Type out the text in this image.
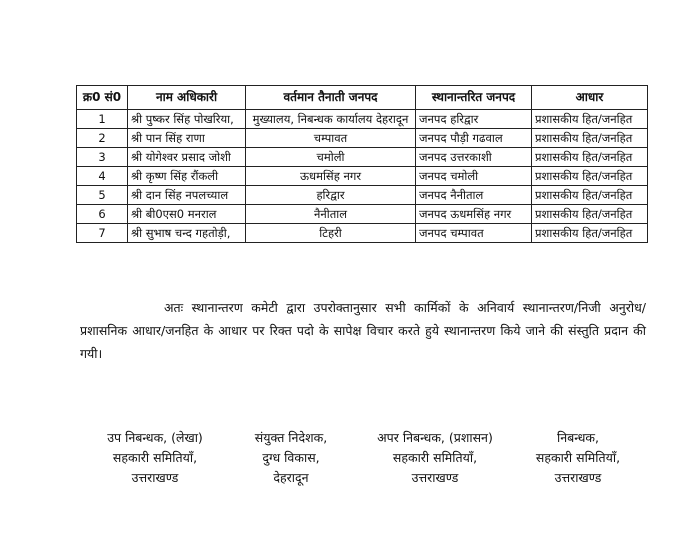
क्र0 सं0	नाम अधिकारी	वर्तमान तैनाती जनपद	स्थानान्तरित जनपद	आधार
1	श्री पुष्कर सिंह पोखरिया,	मुख्यालय, निबन्धक कार्यालय देहरादून	जनपद हरिद्वार	प्रशासकीय हित/जनहित
2	श्री पान सिंह राणा	चम्पावत	जनपद पौड़ी गढवाल	प्रशासकीय हित/जनहित
3	श्री योगेश्वर प्रसाद जोशी	चमोली	जनपद उत्तरकाशी	प्रशासकीय हित/जनहित
4	श्री कृष्ण सिंह रौंकली	ऊधमसिंह नगर	जनपद चमोली	प्रशासकीय हित/जनहित
5	श्री दान सिंह नपलच्याल	हरिद्वार	जनपद नैनीताल	प्रशासकीय हित/जनहित
6	श्री बी0एस0 मनराल	नैनीताल	जनपद ऊधमसिंह नगर	प्रशासकीय हित/जनहित
7	श्री सुभाष चन्द गहतोड़ी,	टिहरी	जनपद चम्पावत	प्रशासकीय हित/जनहित
अतः स्थानान्तरण कमेटी द्वारा उपरोक्तानुसार सभी कार्मिकों के अनिवार्य स्थानान्तरण/निजी अनुरोध/प्रशासनिक आधार/जनहित के आधार पर रिक्त पदो के सापेक्ष विचार करते हुये स्थानान्तरण किये जाने की संस्तुति प्रदान की गयी।
उप निबन्धक, (लेखा)
सहकारी समितियाँ,
उत्तराखण्ड
संयुक्त निदेशक,
दुग्ध विकास,
देहरादून
अपर निबन्धक, (प्रशासन)
सहकारी समितियाँ,
उत्तराखण्ड
निबन्धक,
सहकारी समितियाँ,
उत्तराखण्ड
